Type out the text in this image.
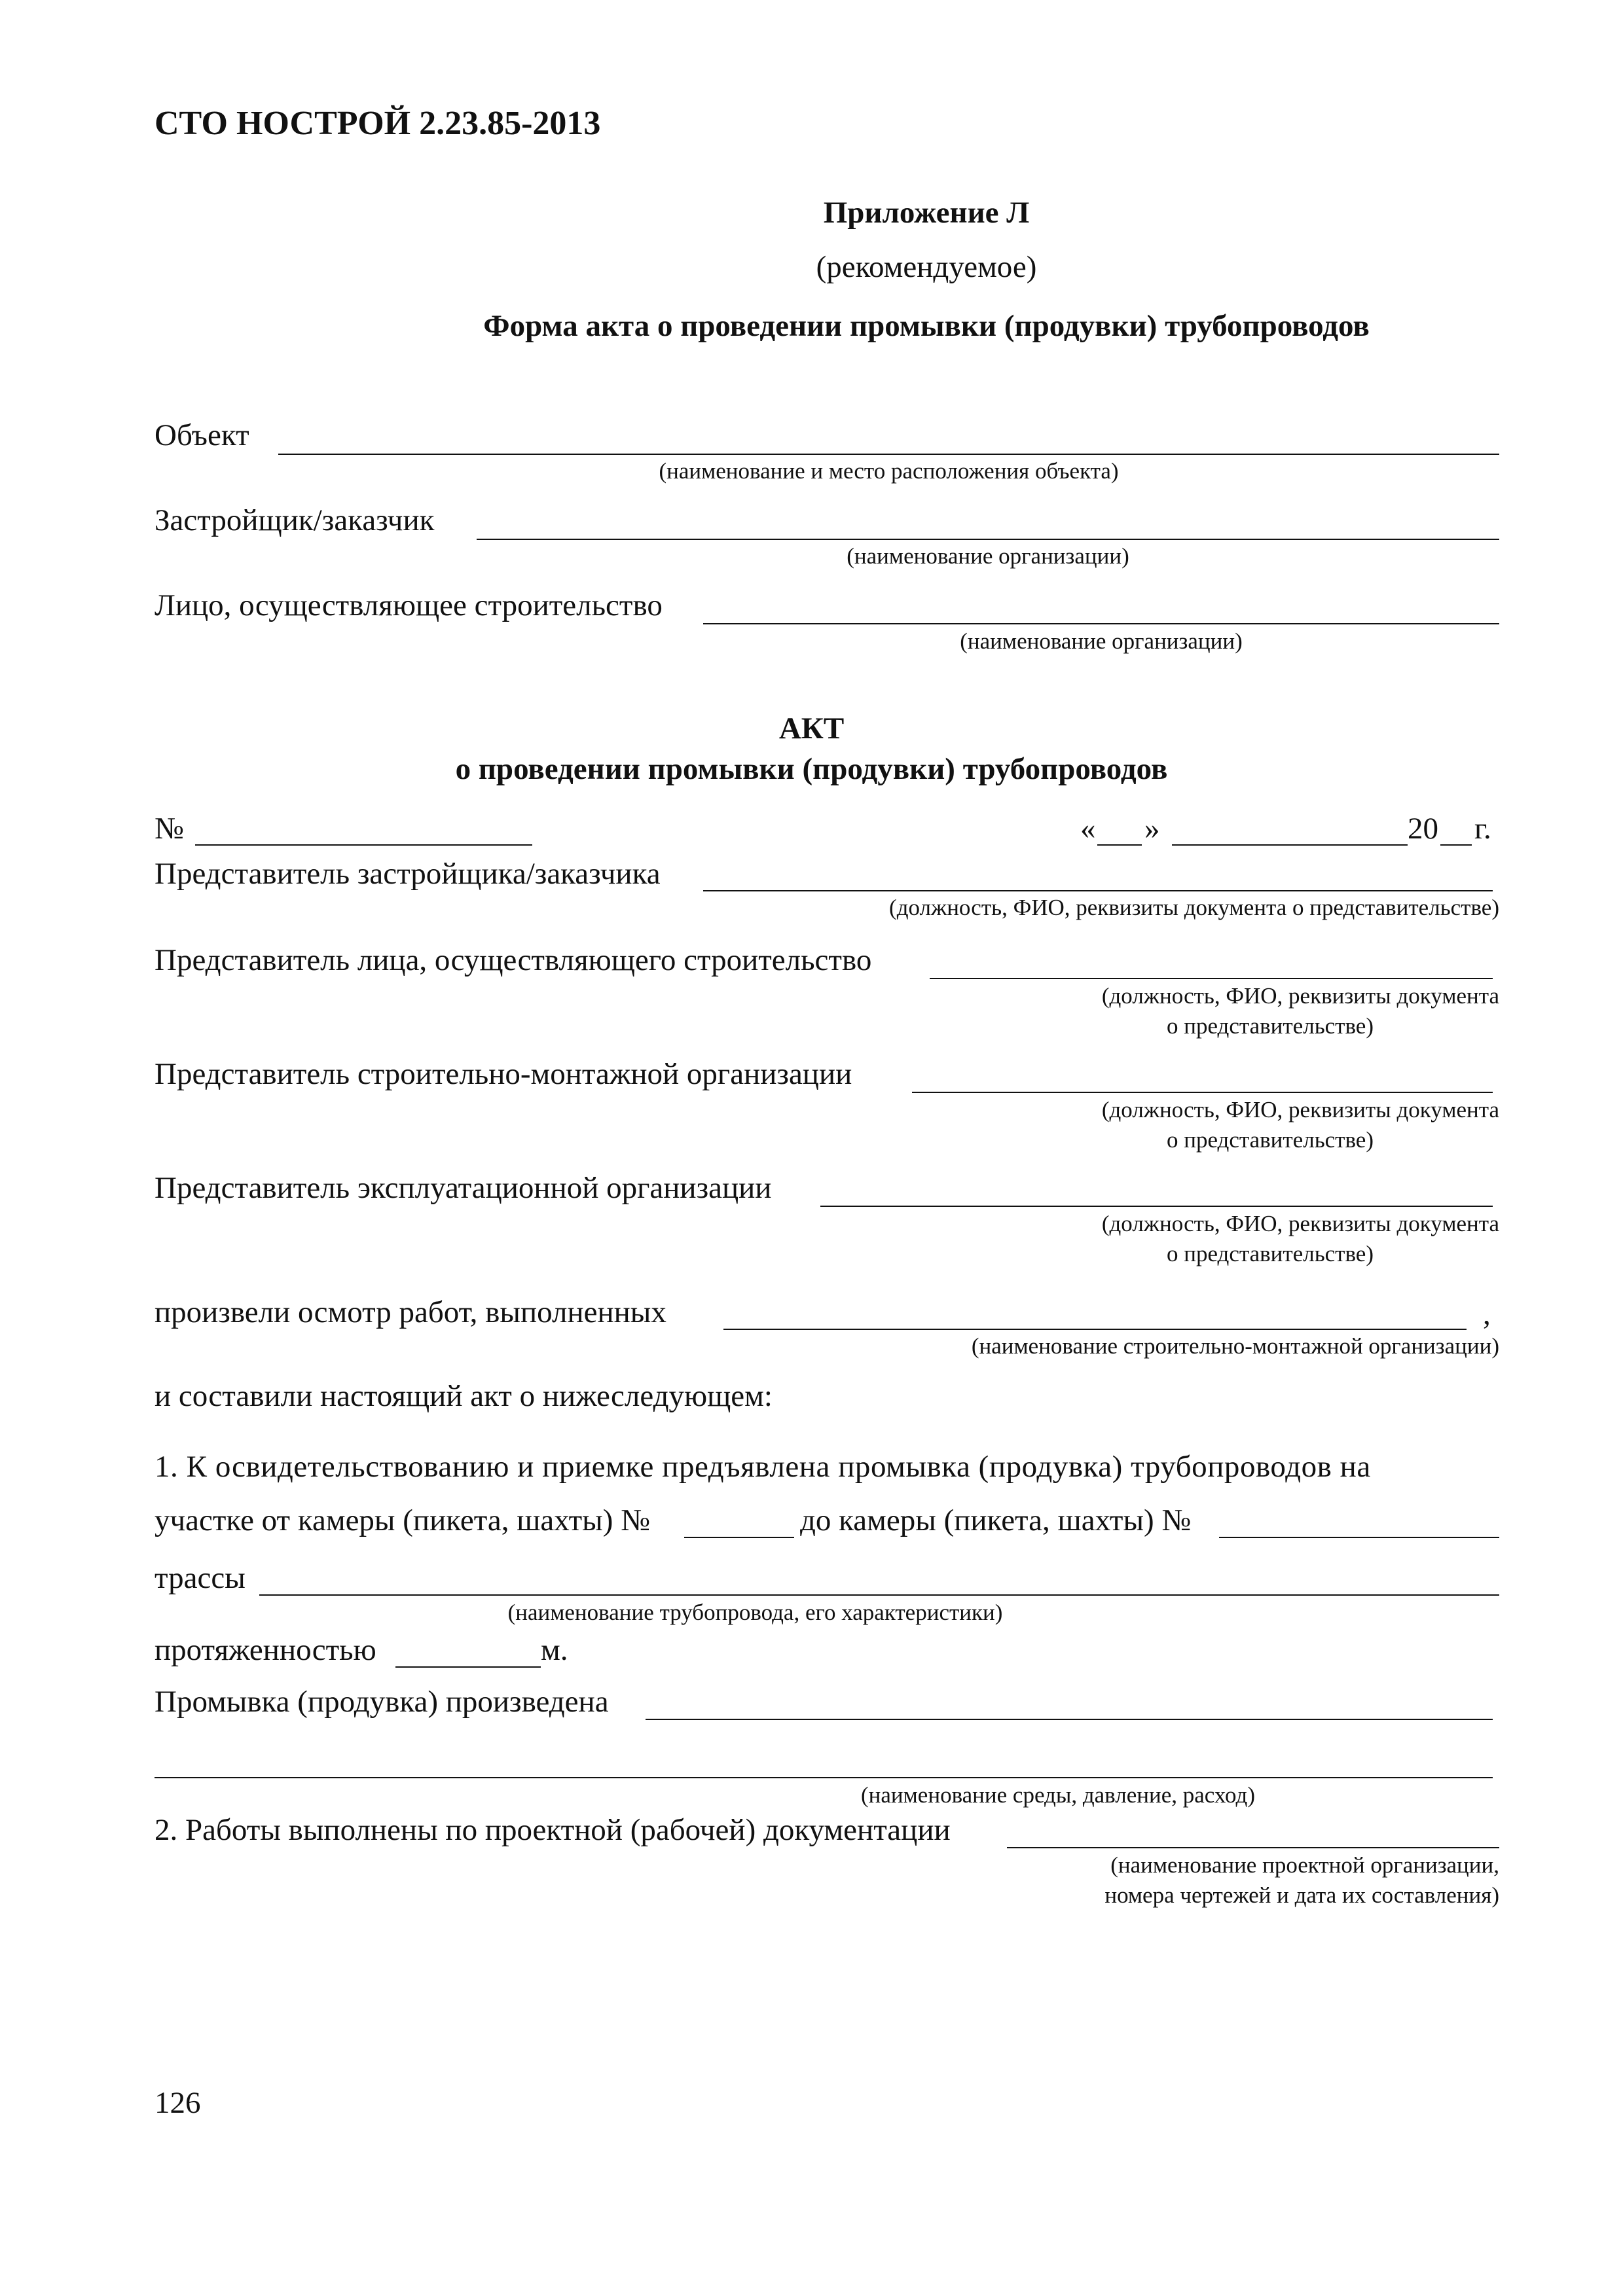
СТО НОСТРОЙ 2.23.85-2013
Приложение Л
(рекомендуемое)
Форма акта о проведении промывки (продувки) трубопроводов
Объект
(наименование и место расположения объекта)
Застройщик/заказчик
(наименование организации)
Лицо, осуществляющее строительство
(наименование организации)
АКТ
о проведении промывки (продувки) трубопроводов
№	« »	20 г.
Представитель застройщика/заказчика
(должность, ФИО, реквизиты документа о представительстве)
Представитель лица, осуществляющего строительство
(должность, ФИО, реквизиты документа
о представительстве)
Представитель строительно-монтажной организации
(должность, ФИО, реквизиты документа
о представительстве)
Представитель эксплуатационной организации
(должность, ФИО, реквизиты документа
о представительстве)
произвели осмотр работ, выполненных	,
(наименование строительно-монтажной организации)
и составили настоящий акт о нижеследующем:
1. К освидетельствованию и приемке предъявлена промывка (продувка) трубопроводов на
участке от камеры (пикета, шахты) №	до камеры (пикета, шахты) №
трассы
(наименование трубопровода, его характеристики)
протяженностью	м.
Промывка (продувка) произведена
(наименование среды, давление, расход)
2. Работы выполнены по проектной (рабочей) документации
(наименование проектной организации,
номера чертежей и дата их составления)
126
